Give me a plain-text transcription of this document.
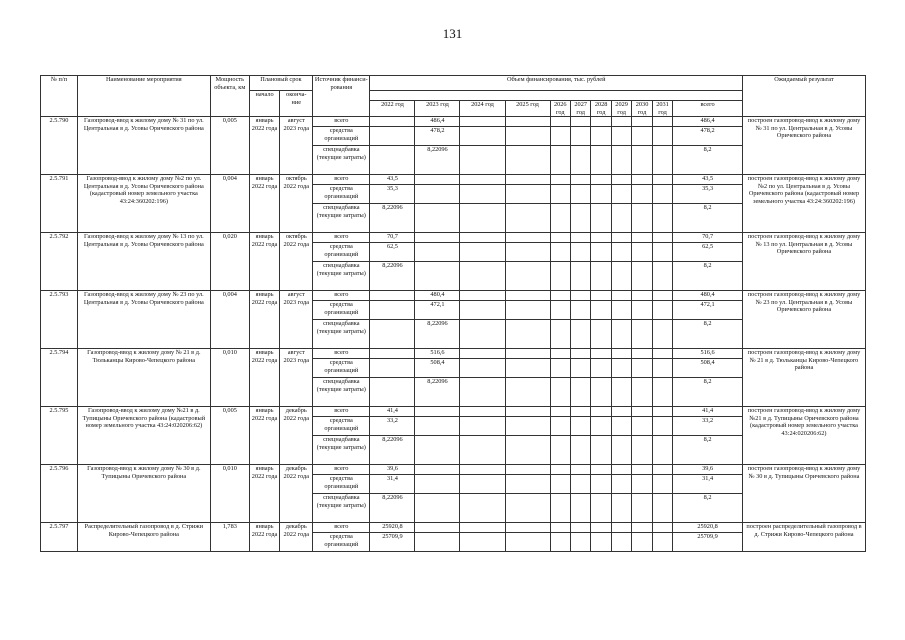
131
№ п/п	Наименование мероприятия	Мощность объекта, км	Плановый срок		Источник финанси-рования	Объем финансирования, тыс. рублей											Ожидаемый результат
			начало	оконча-ние													
						2022 год	2023 год	2024 год	2025 год	2026 год	2027 год	2028 год	2029 год	2030 год	2031 год	всего	
2.5.790	Газопровод-ввод к жилому дому № 31 по ул. Центральная в д. Усовы Оричевского района	0,005	январь 2022 года	август 2023 года	всего		486,4									486,4	построен газопровод-ввод к жилому дому № 31 по ул. Центральная в д. Усовы Оричевского района
					средства организаций		478,2									478,2	
					спецнадбавка (текущие затраты)		8,22096									8,2	
2.5.791	Газопровод-ввод к жилому дому №2 по ул. Центральная в д. Усовы Оричевского района (кадастровый номер земельного участка 43:24:360202:196)	0,004	январь 2022 года	октябрь 2022 года	всего	43,5										43,5	построен газопровод-ввод к жилому дому №2 по ул. Центральная в д. Усовы Оричевского района (кадастровый номер земельного участка 43:24:360202:196)
					средства организаций	35,3										35,3	
					спецнадбавка (текущие затраты)	8,22096										8,2	
2.5.792	Газопровод-ввод к жилому дому № 13 по ул. Центральная в д. Усовы Оричевского района	0,020	январь 2022 года	октябрь 2022 года	всего	70,7										70,7	построен газопровод-ввод к жилому дому № 13 по ул. Центральная в д. Усовы Оричевского района
					средства организаций	62,5										62,5	
					спецнадбавка (текущие затраты)	8,22096										8,2	
2.5.793	Газопровод-ввод к жилому дому № 23 по ул. Центральная в д. Усовы Оричевского района	0,004	январь 2022 года	август 2023 года	всего		480,4									480,4	построен газопровод-ввод к жилому дому № 23 по ул. Центральная в д. Усовы Оричевского района
					средства организаций		472,1									472,1	
					спецнадбавка (текущие затраты)		8,22096									8,2	
2.5.794	Газопровод-ввод к жилому дому № 21 в д. Тюльканцы Кирово-Чепецкого района	0,010	январь 2022 года	август 2023 года	всего		516,6									516,6	построен газопровод-ввод к жилому дому № 21 в д. Тюльканцы Кирово-Чепецкого района
					средства организаций		508,4									508,4	
					спецнадбавка (текущие затраты)		8,22096									8,2	
2.5.795	Газопровод-ввод к жилому дому №21 в д. Тупицыны Оричевского района (кадастровый номер земельного участка 43:24:020206:62)	0,005	январь 2022 года	декабрь 2022 года	всего	41,4										41,4	построен газопровод-ввод к жилому дому №21 в д. Тупицыны Оричевского района (кадастровый номер земельного участка 43:24:020206:62)
					средства организаций	33,2										33,2	
					спецнадбавка (текущие затраты)	8,22096										8,2	
2.5.796	Газопровод-ввод к жилому дому № 30 в д. Тупицыны Оричевского района	0,010	январь 2022 года	декабрь 2022 года	всего	39,6										39,6	построен газопровод-ввод к жилому дому № 30 в д. Тупицыны Оричевского района
					средства организаций	31,4										31,4	
					спецнадбавка (текущие затраты)	8,22096										8,2	
2.5.797	Распределительный газопровод в д. Стрижи Кирово-Чепецкого района	1,783	январь 2022 года	декабрь 2022 года	всего	25920,8										25920,8	построен распределительный газопровод в д. Стрижи Кирово-Чепецкого района
					средства организаций	25709,9										25709,9	
